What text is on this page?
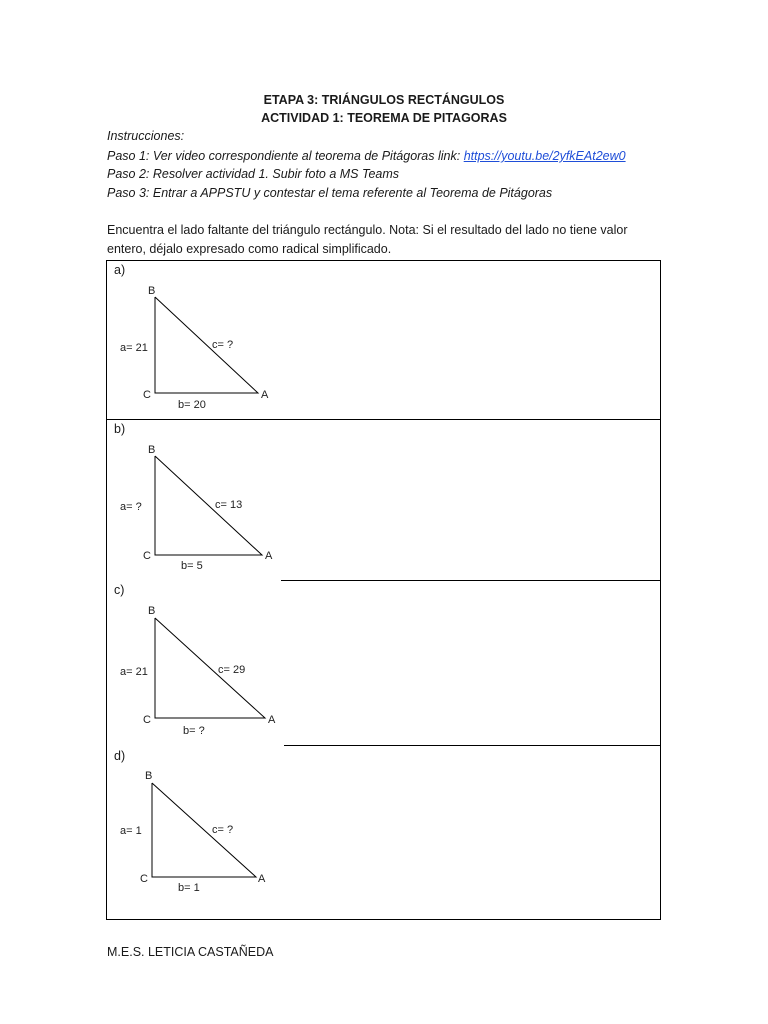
ETAPA 3: TRIÁNGULOS RECTÁNGULOS
ACTIVIDAD 1: TEOREMA DE PITAGORAS
Instrucciones:
Paso 1: Ver video correspondiente al teorema de Pitágoras link: https://youtu.be/2yfkEAt2ew0
Paso 2: Resolver actividad 1. Subir foto a MS Teams
Paso 3: Entrar a APPSTU y contestar el tema referente al Teorema de Pitágoras
Encuentra el lado faltante del triángulo rectángulo. Nota: Si el resultado del lado no tiene valor
entero, déjalo expresado como radical simplificado.
a)
b)
c)
d)
B
C	A
a= 21	c= ?
b= 20
B
C	A
a= ?	c= 13
b= 5
B
C	A
a= 21	c= 29
b= ?
B
C	A
a= 1	c= ?
b= 1
M.E.S. LETICIA CASTAÑEDA
